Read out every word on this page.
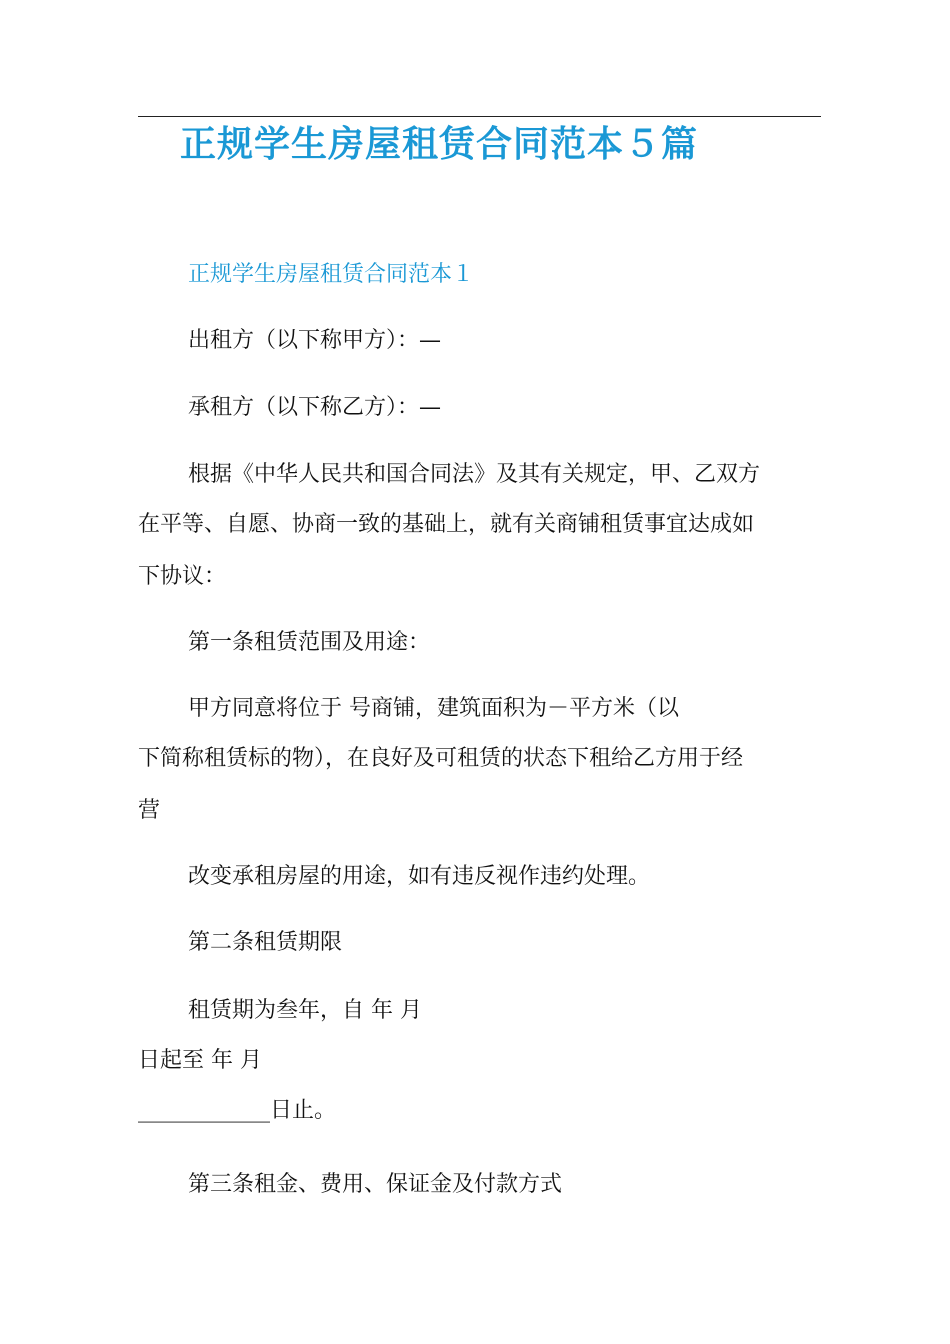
正规学生房屋租赁合同范本５篇

正规学生房屋租赁合同范本１

出租方（以下称甲方）：—

承租方（以下称乙方）：—

根据《中华人民共和国合同法》及其有关规定，甲、乙双方

在平等、自愿、协商一致的基础上，就有关商铺租赁事宜达成如

下协议：

第一条租赁范围及用途：

甲方同意将位于 号商铺，建筑面积为－平方米（以

下简称租赁标的物），在良好及可租赁的状态下租给乙方用于经

营

改变承租房屋的用途，如有违反视作违约处理。

第二条租赁期限

租赁期为叁年，自 年 月

日起至 年 月

____________日止。

第三条租金、费用、保证金及付款方式
